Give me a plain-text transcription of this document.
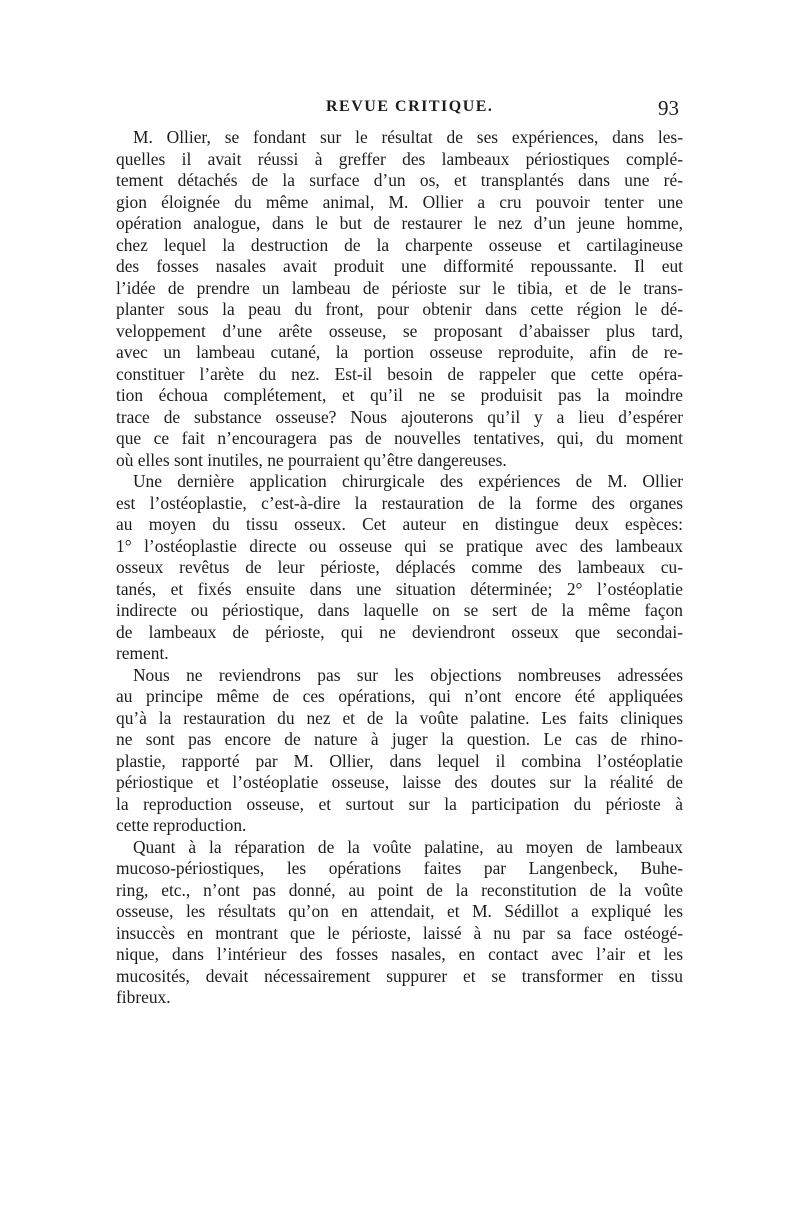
REVUE CRITIQUE.	93
M. Ollier, se fondant sur le résultat de ses expériences, dans les-
quelles il avait réussi à greffer des lambeaux périostiques complé-
tement détachés de la surface d’un os, et transplantés dans une ré-
gion éloignée du même animal, M. Ollier a cru pouvoir tenter une
opération analogue, dans le but de restaurer le nez d’un jeune homme,
chez lequel la destruction de la charpente osseuse et cartilagineuse
des fosses nasales avait produit une difformité repoussante. Il eut
l’idée de prendre un lambeau de périoste sur le tibia, et de le trans-
planter sous la peau du front, pour obtenir dans cette région le dé-
veloppement d’une arête osseuse, se proposant d’abaisser plus tard,
avec un lambeau cutané, la portion osseuse reproduite, afin de re-
constituer l’arète du nez. Est-il besoin de rappeler que cette opéra-
tion échoua complétement, et qu’il ne se produisit pas la moindre
trace de substance osseuse? Nous ajouterons qu’il y a lieu d’espérer
que ce fait n’encouragera pas de nouvelles tentatives, qui, du moment
où elles sont inutiles, ne pourraient qu’être dangereuses.
Une dernière application chirurgicale des expériences de M. Ollier
est l’ostéoplastie, c’est-à-dire la restauration de la forme des organes
au moyen du tissu osseux. Cet auteur en distingue deux espèces:
1° l’ostéoplastie directe ou osseuse qui se pratique avec des lambeaux
osseux revêtus de leur périoste, déplacés comme des lambeaux cu-
tanés, et fixés ensuite dans une situation déterminée; 2° l’ostéoplatie
indirecte ou périostique, dans laquelle on se sert de la même façon
de lambeaux de périoste, qui ne deviendront osseux que secondai-
rement.
Nous ne reviendrons pas sur les objections nombreuses adressées
au principe même de ces opérations, qui n’ont encore été appliquées
qu’à la restauration du nez et de la voûte palatine. Les faits cliniques
ne sont pas encore de nature à juger la question. Le cas de rhino-
plastie, rapporté par M. Ollier, dans lequel il combina l’ostéoplatie
périostique et l’ostéoplatie osseuse, laisse des doutes sur la réalité de
la reproduction osseuse, et surtout sur la participation du périoste à
cette reproduction.
Quant à la réparation de la voûte palatine, au moyen de lambeaux
mucoso-périostiques, les opérations faites par Langenbeck, Buhe-
ring, etc., n’ont pas donné, au point de la reconstitution de la voûte
osseuse, les résultats qu’on en attendait, et M. Sédillot a expliqué les
insuccès en montrant que le périoste, laissé à nu par sa face ostéogé-
nique, dans l’intérieur des fosses nasales, en contact avec l’air et les
mucosités, devait nécessairement suppurer et se transformer en tissu
fibreux.
